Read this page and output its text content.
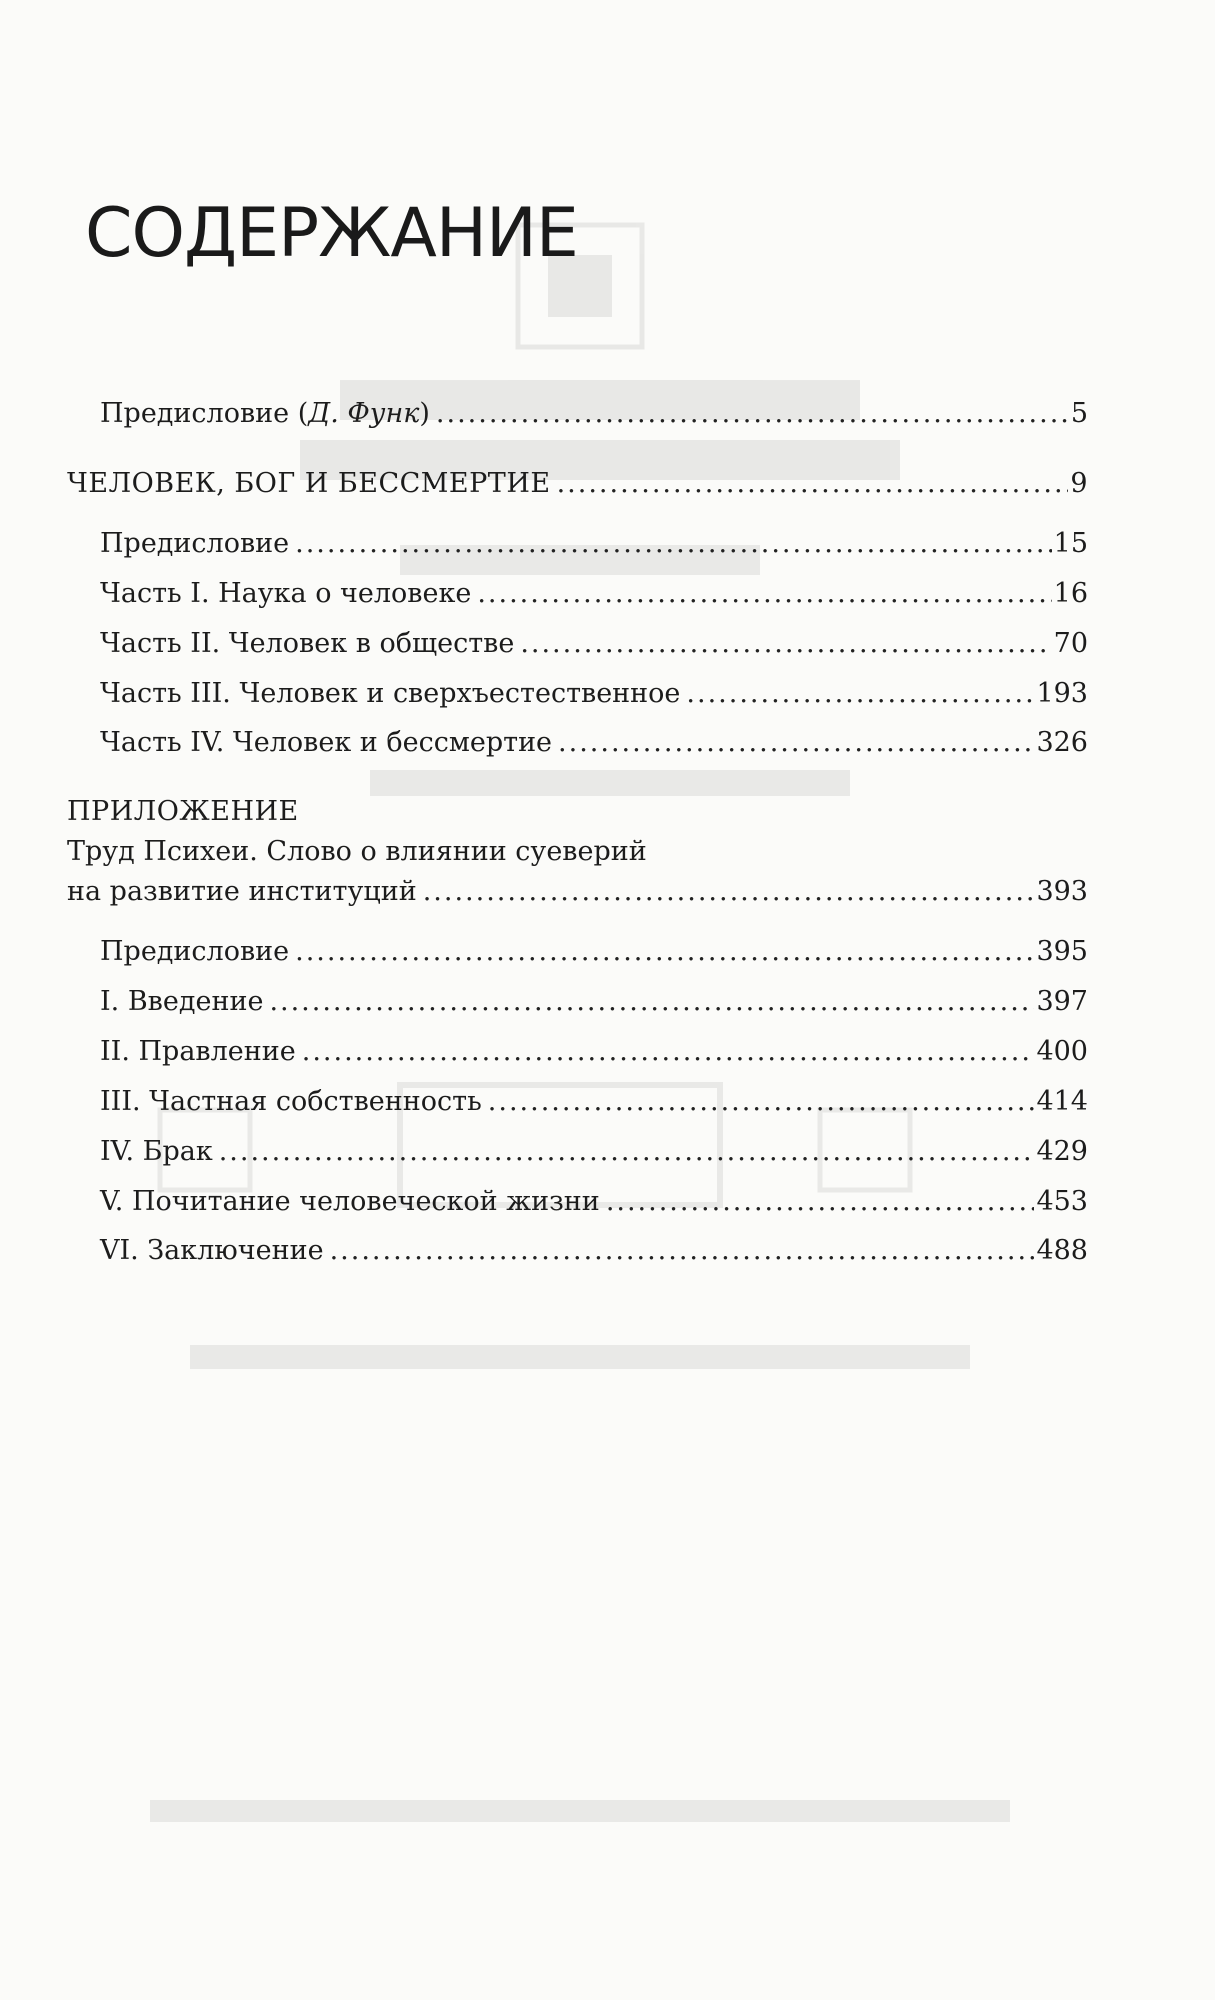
СОДЕРЖАНИЕ
Предисловие (Д. Функ) .....	5
ЧЕЛОВЕК, БОГ И БЕССМЕРТИЕ .....	9
Предисловие .....	15
Часть I. Наука о человеке .....	16
Часть II. Человек в обществе .....	70
Часть III. Человек и сверхъестественное .....	193
Часть IV. Человек и бессмертие .....	326
ПРИЛОЖЕНИЕ
Труд Психеи. Слово о влиянии суеверий
на развитие институций .....	393
Предисловие .....	395
I. Введение .....	397
II. Правление .....	400
III. Частная собственность .....	414
IV. Брак .....	429
V. Почитание человеческой жизни .....	453
VI. Заключение .....	488
